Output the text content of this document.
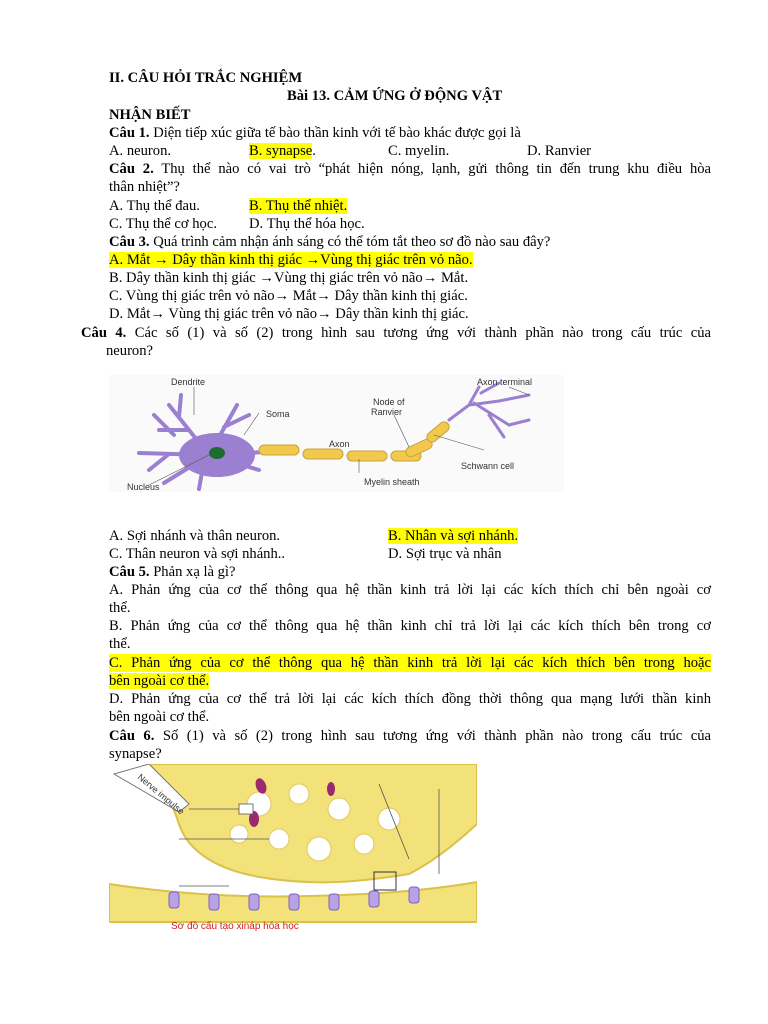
II. CÂU HỎI TRẮC NGHIỆM
Bài 13. CẢM ỨNG Ở ĐỘNG VẬT
NHẬN BIẾT
Câu 1. Diện tiếp xúc giữa tế bào thần kinh với tế bào khác được gọi là
A. neuron.	B. synapse.	C. myelin.	D. Ranvier
Câu 2. Thụ thể nào có vai trò “phát hiện nóng, lạnh, gửi thông tin đến trung khu điều hòa
thân nhiệt”?
A. Thụ thể đau.	B. Thụ thể nhiệt.
C. Thụ thể cơ học. D. Thụ thể hóa học.
Câu 3. Quá trình cảm nhận ánh sáng có thể tóm tắt theo sơ đồ nào sau đây?
A. Mắt → Dây thần kinh thị giác →Vùng thị giác trên vỏ não.
B. Dây thần kinh thị giác →Vùng thị giác trên vỏ não→ Mắt.
C. Vùng thị giác trên vỏ não→ Mắt→ Dây thần kinh thị giác.
D. Mắt→ Vùng thị giác trên vỏ não→ Dây thần kinh thị giác.
Câu 4. Các số (1) và số (2) trong hình sau tương ứng với thành phần nào trong cấu trúc của
neuron?
Dendrite
Soma
Axon
Node of
Ranvier
Axon terminal
Schwann cell
Myelin sheath
Nucleus
A. Sợi nhánh và thân neuron.	B. Nhân và sợi nhánh.
C. Thân neuron và sợi nhánh..	D. Sợi trục và nhân
Câu 5. Phản xạ là gì?
A. Phản ứng của cơ thể thông qua hệ thần kinh trả lời lại các kích thích chỉ bên ngoài cơ
thể.
B. Phản ứng của cơ thể thông qua hệ thần kinh chỉ trả lời lại các kích thích bên trong cơ
thể.
C. Phản ứng của cơ thể thông qua hệ thần kinh trả lời lại các kích thích bên trong hoặc
bên ngoài cơ thể.
D. Phản ứng của cơ thể trả lời lại các kích thích đồng thời thông qua mạng lưới thần kinh
bên ngoài cơ thể.
Câu 6. Số (1) và số (2) trong hình sau tương ứng với thành phần nào trong cấu trúc của
synapse?
Nerve impulse
Sơ đồ cấu tạo xináp hóa học
